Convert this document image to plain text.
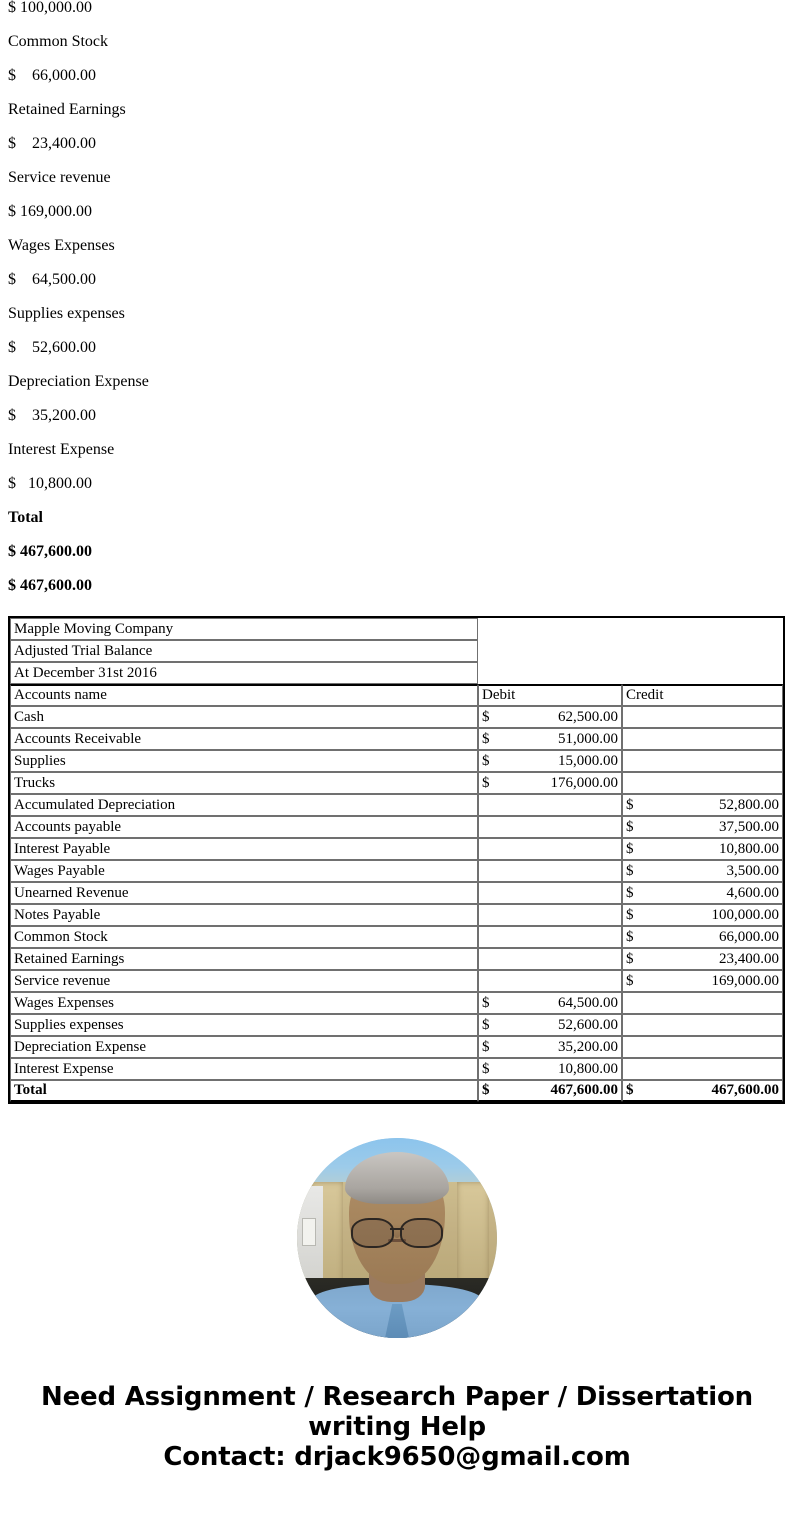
$ 100,000.00
Common Stock
$    66,000.00
Retained Earnings
$    23,400.00
Service revenue
$ 169,000.00
Wages Expenses
$    64,500.00
Supplies expenses
$    52,600.00
Depreciation Expense
$    35,200.00
Interest Expense
$   10,800.00
Total
$ 467,600.00
$ 467,600.00
Mapple Moving Company		
Adjusted Trial Balance		
At December 31st 2016		
Accounts name	Debit	Credit
Cash	$ 62,500.00	

Accounts Receivable	$ 51,000.00	

Supplies	$ 15,000.00	

Trucks	$ 176,000.00	

Accumulated Depreciation		$ 52,800.00

Accounts payable		$ 37,500.00

Interest Payable		$ 10,800.00

Wages Payable		$ 3,500.00

Unearned Revenue		$ 4,600.00

Notes Payable		$ 100,000.00

Common Stock		$ 66,000.00

Retained Earnings		$ 23,400.00

Service revenue		$ 169,000.00

Wages Expenses	$ 64,500.00	

Supplies expenses	$ 52,600.00	

Depreciation Expense	$ 35,200.00	

Interest Expense	$ 10,800.00	

Total	$ 467,600.00	$ 467,600.00
Need Assignment / Research Paper / Dissertation
writing Help
Contact: drjack9650@gmail.com
